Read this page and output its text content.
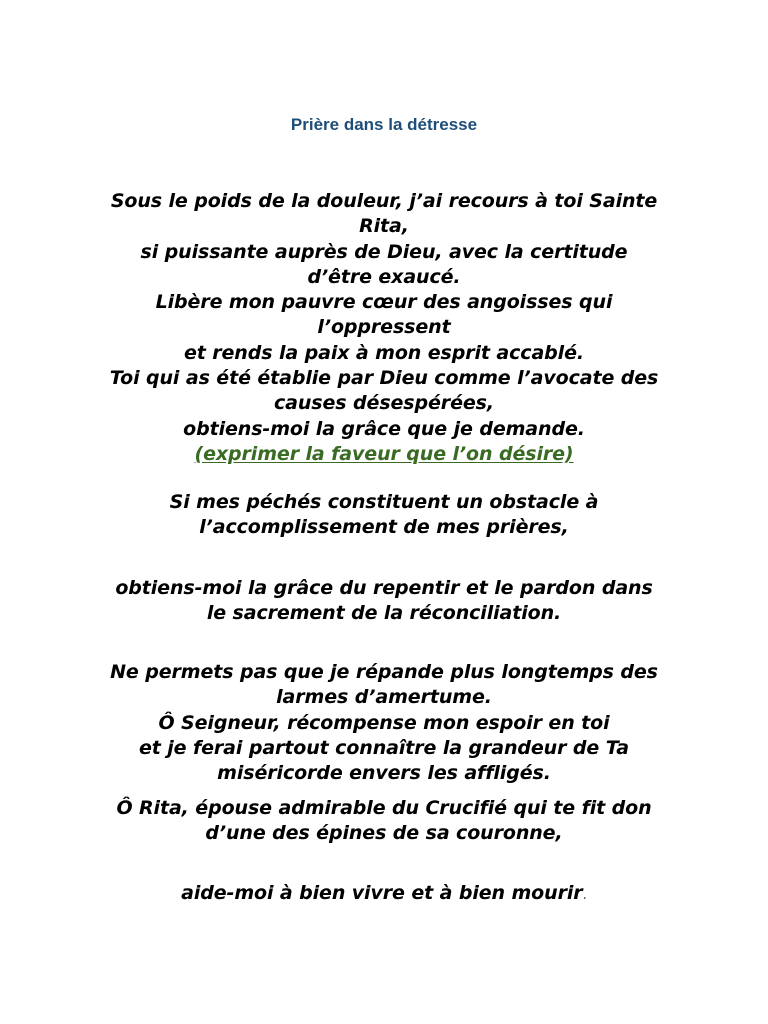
Prière dans la détresse
Sous le poids de la douleur, j’ai recours à toi Sainte
Rita,
si puissante auprès de Dieu, avec la certitude
d’être exaucé.
Libère mon pauvre cœur des angoisses qui
l’oppressent
et rends la paix à mon esprit accablé.
Toi qui as été établie par Dieu comme l’avocate des
causes désespérées,
obtiens-moi la grâce que je demande.
(exprimer la faveur que l’on désire)
Si mes péchés constituent un obstacle à
l’accomplissement de mes prières,
obtiens-moi la grâce du repentir et le pardon dans
le sacrement de la réconciliation.
Ne permets pas que je répande plus longtemps des
larmes d’amertume.
Ô Seigneur, récompense mon espoir en toi
et je ferai partout connaître la grandeur de Ta
miséricorde envers les affligés.
Ô Rita, épouse admirable du Crucifié qui te fit don
d’une des épines de sa couronne,
aide-moi à bien vivre et à bien mourir.
